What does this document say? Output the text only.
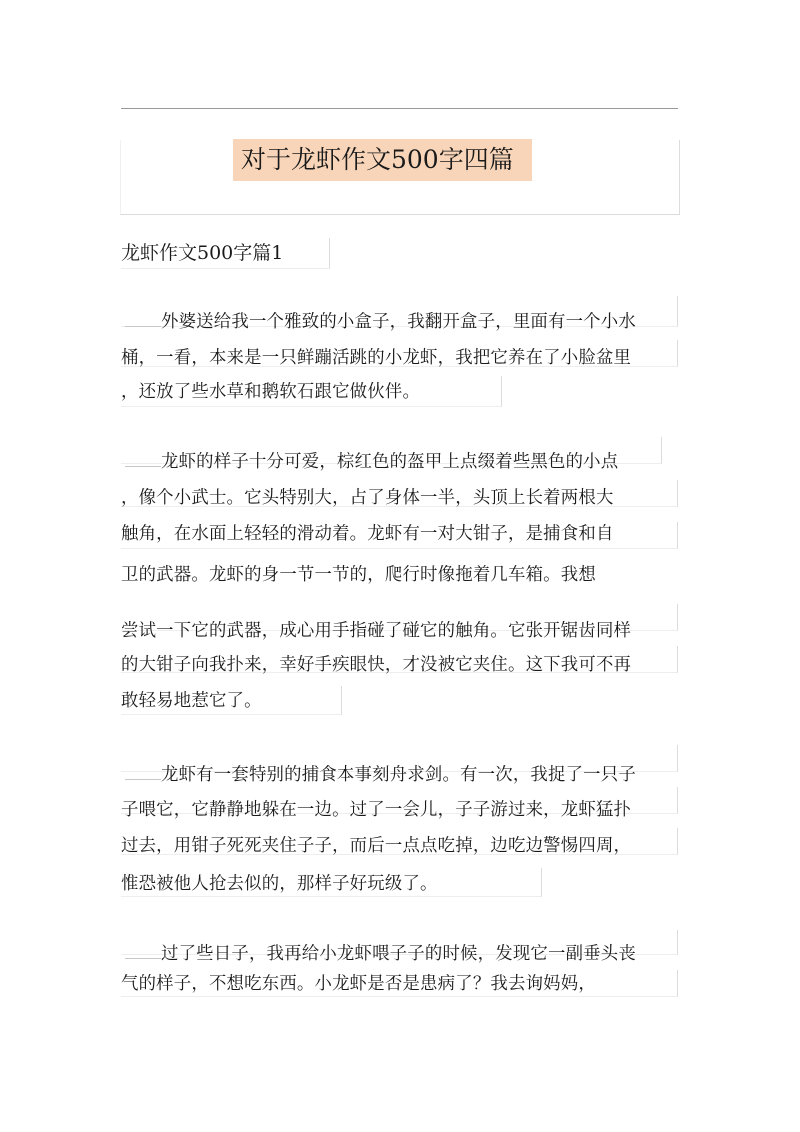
对于龙虾作文500字四篇
龙虾作文500字篇1
外婆送给我一个雅致的小盒子，我翻开盒子，里面有一个小水
桶，一看，本来是一只鲜蹦活跳的小龙虾，我把它养在了小脸盆里
，还放了些水草和鹅软石跟它做伙伴。
龙虾的样子十分可爱，棕红色的盔甲上点缀着些黑色的小点
，像个小武士。它头特别大，占了身体一半，头顶上长着两根大
触角，在水面上轻轻的滑动着。龙虾有一对大钳子，是捕食和自
卫的武器。龙虾的身一节一节的，爬行时像拖着几车箱。我想
尝试一下它的武器，成心用手指碰了碰它的触角。它张开锯齿同样
的大钳子向我扑来，幸好手疾眼快，才没被它夹住。这下我可不再
敢轻易地惹它了。
龙虾有一套特别的捕食本事刻舟求剑。有一次，我捉了一只子
子喂它，它静静地躲在一边。过了一会儿，子子游过来，龙虾猛扑
过去，用钳子死死夹住子子，而后一点点吃掉，边吃边警惕四周，
惟恐被他人抢去似的，那样子好玩级了。
过了些日子，我再给小龙虾喂子子的时候，发现它一副垂头丧
气的样子，不想吃东西。小龙虾是否是患病了？我去询妈妈，
